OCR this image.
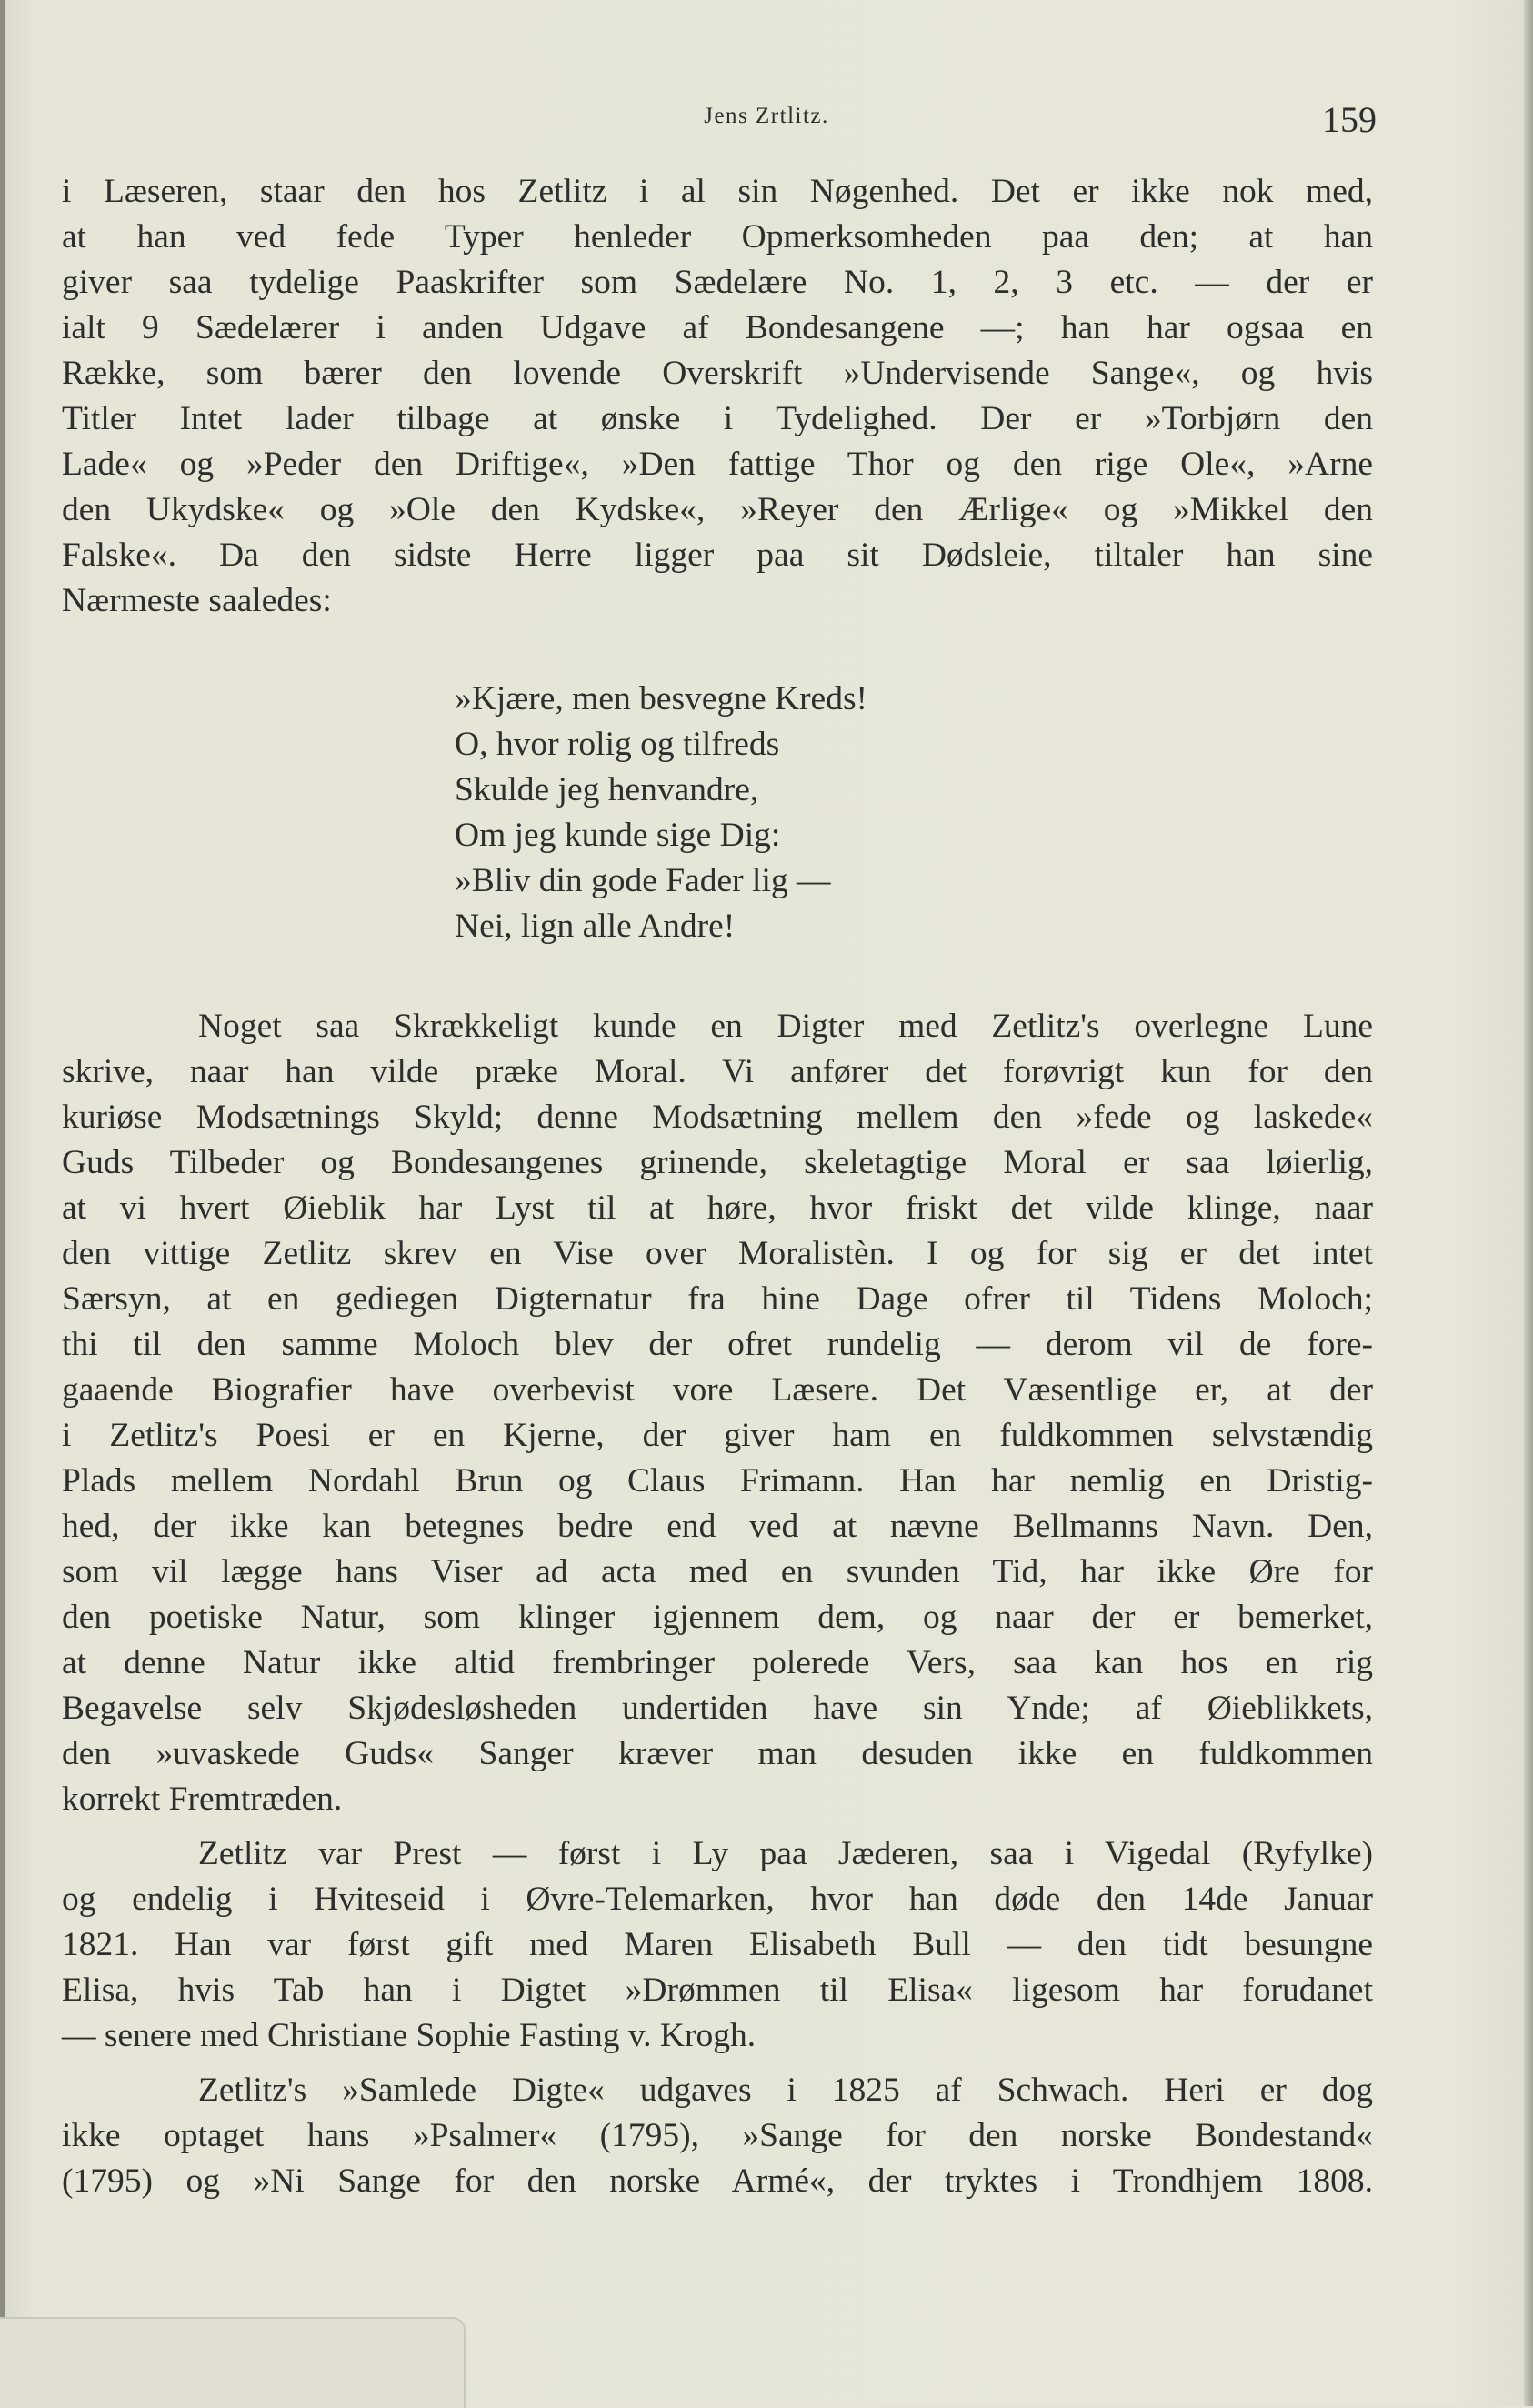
Jens Zrtlitz.	159
i Læseren, staar den hos Zetlitz i al sin Nøgenhed. Det er ikke nok med,
at han ved fede Typer henleder Opmerksomheden paa den; at han
giver saa tydelige Paaskrifter som Sædelære No. 1, 2, 3 etc. — der er
ialt 9 Sædelærer i anden Udgave af Bondesangene —; han har ogsaa en
Række, som bærer den lovende Overskrift »Undervisende Sange«, og hvis
Titler Intet lader tilbage at ønske i Tydelighed. Der er »Torbjørn den
Lade« og »Peder den Driftige«, »Den fattige Thor og den rige Ole«, »Arne
den Ukydske« og »Ole den Kydske«, »Reyer den Ærlige« og »Mikkel den
Falske«. Da den sidste Herre ligger paa sit Dødsleie, tiltaler han sine
Nærmeste saaledes:
»Kjære, men besvegne Kreds!
O, hvor rolig og tilfreds
Skulde jeg henvandre,
Om jeg kunde sige Dig:
»Bliv din gode Fader lig —
Nei, lign alle Andre!
Noget saa Skrækkeligt kunde en Digter med Zetlitz's overlegne Lune
skrive, naar han vilde præke Moral. Vi anfører det forøvrigt kun for den
kuriøse Modsætnings Skyld; denne Modsætning mellem den »fede og laskede«
Guds Tilbeder og Bondesangenes grinende, skeletagtige Moral er saa løierlig,
at vi hvert Øieblik har Lyst til at høre, hvor friskt det vilde klinge, naar
den vittige Zetlitz skrev en Vise over Moralistèn. I og for sig er det intet
Særsyn, at en gediegen Digternatur fra hine Dage ofrer til Tidens Moloch;
thi til den samme Moloch blev der ofret rundelig — derom vil de fore-
gaaende Biografier have overbevist vore Læsere. Det Væsentlige er, at der
i Zetlitz's Poesi er en Kjerne, der giver ham en fuldkommen selvstændig
Plads mellem Nordahl Brun og Claus Frimann. Han har nemlig en Dristig-
hed, der ikke kan betegnes bedre end ved at nævne Bellmanns Navn. Den,
som vil lægge hans Viser ad acta med en svunden Tid, har ikke Øre for
den poetiske Natur, som klinger igjennem dem, og naar der er bemerket,
at denne Natur ikke altid frembringer polerede Vers, saa kan hos en rig
Begavelse selv Skjødesløsheden undertiden have sin Ynde; af Øieblikkets,
den »uvaskede Guds« Sanger kræver man desuden ikke en fuldkommen
korrekt Fremtræden.
Zetlitz var Prest — først i Ly paa Jæderen, saa i Vigedal (Ryfylke)
og endelig i Hviteseid i Øvre-Telemarken, hvor han døde den 14de Januar
1821. Han var først gift med Maren Elisabeth Bull — den tidt besungne
Elisa, hvis Tab han i Digtet »Drømmen til Elisa« ligesom har forudanet
— senere med Christiane Sophie Fasting v. Krogh.
Zetlitz's »Samlede Digte« udgaves i 1825 af Schwach. Heri er dog
ikke optaget hans »Psalmer« (1795), »Sange for den norske Bondestand«
(1795) og »Ni Sange for den norske Armé«, der tryktes i Trondhjem 1808.
